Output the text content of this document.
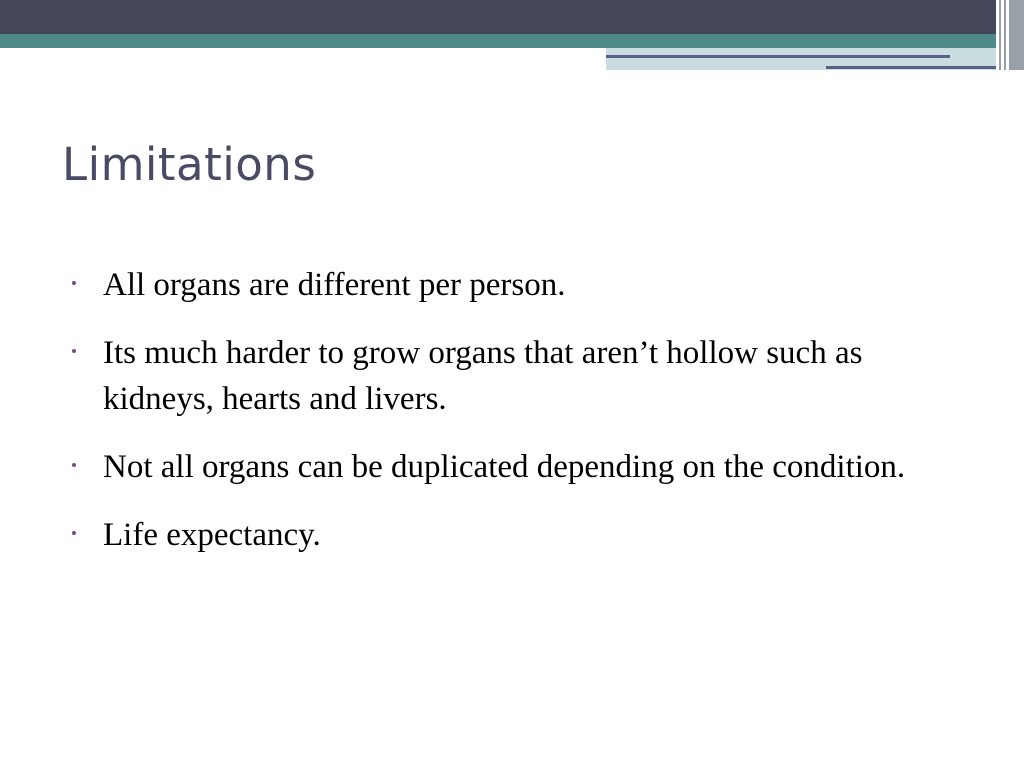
Limitations
All organs are different per person.
Its much harder to grow organs that aren’t hollow such as kidneys, hearts and livers.
Not all organs can be duplicated depending on the condition.
Life expectancy.
